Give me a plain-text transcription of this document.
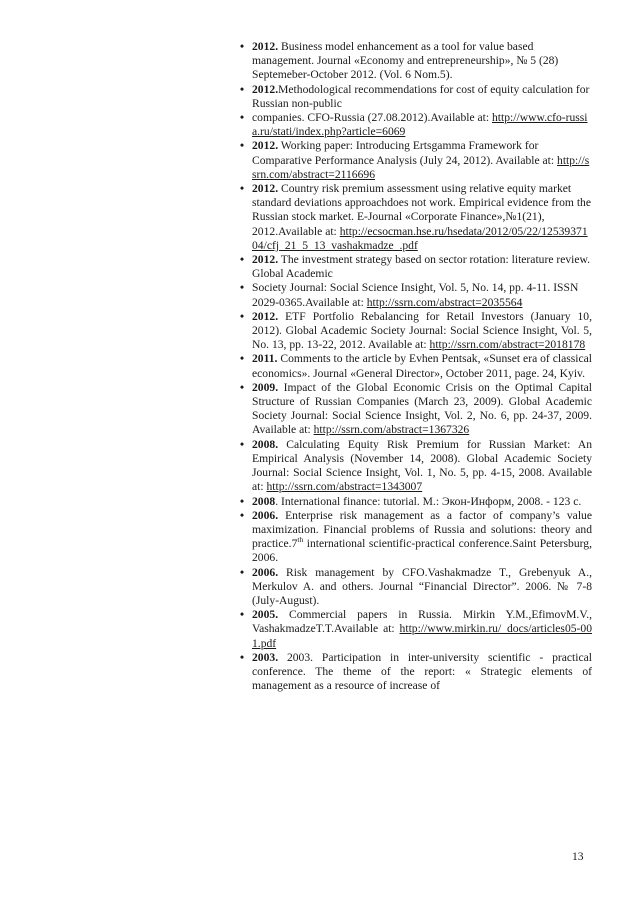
• 2012. Business model enhancement as a tool for value based management. Journal «Economy and entrepreneurship», № 5 (28) Septemeber-October 2012. (Vol. 6 Nom.5).
• 2012.Methodological recommendations for cost of equity calculation for Russian non-public
• companies. CFO-Russia (27.08.2012).Available at: http://www.cfo-russia.ru/stati/index.php?article=6069
• 2012. Working paper: Introducing Ertsgamma Framework for Comparative Performance Analysis (July 24, 2012). Available at: http://ssrn.com/abstract=2116696
• 2012. Country risk premium assessment using relative equity market standard deviations approachdoes not work. Empirical evidence from the Russian stock market. E-Journal «Corporate Finance»,№1(21), 2012.Available at: http://ecsocman.hse.ru/hsedata/2012/05/22/1253937104/cfj_21_5_13_vashakmadze_.pdf
• 2012. The investment strategy based on sector rotation: literature review. Global Academic
• Society Journal: Social Science Insight, Vol. 5, No. 14, pp. 4-11. ISSN 2029-0365.Available at: http://ssrn.com/abstract=2035564
• 2012. ETF Portfolio Rebalancing for Retail Investors (January 10, 2012). Global Academic Society Journal: Social Science Insight, Vol. 5, No. 13, pp. 13-22, 2012. Available at: http://ssrn.com/abstract=2018178
• 2011. Comments to the article by Evhen Pentsak, «Sunset era of classical economics». Journal «General Director», October 2011, page. 24, Kyiv.
• 2009. Impact of the Global Economic Crisis on the Optimal Capital Structure of Russian Companies (March 23, 2009). Global Academic Society Journal: Social Science Insight, Vol. 2, No. 6, pp. 24-37, 2009. Available at: http://ssrn.com/abstract=1367326
• 2008. Calculating Equity Risk Premium for Russian Market: An Empirical Analysis (November 14, 2008). Global Academic Society Journal: Social Science Insight, Vol. 1, No. 5, pp. 4-15, 2008. Available at: http://ssrn.com/abstract=1343007
• 2008. International finance: tutorial. M.: Экон-Информ, 2008. - 123 с.
• 2006. Enterprise risk management as a factor of company’s value maximization. Financial problems of Russia and solutions: theory and practice.7th international scientific-practical conference.Saint Petersburg, 2006.
• 2006. Risk management by CFO.Vashakmadze T., Grebenyuk A., Merkulov A. and others. Journal “Financial Director”. 2006. № 7-8 (July-August).
• 2005. Commercial papers in Russia. Mirkin Y.M.,EfimovM.V., VashakmadzeT.T.Available at: http://www.mirkin.ru/_docs/articles05-001.pdf
• 2003. 2003. Participation in inter-university scientific - practical conference. The theme of the report: « Strategic elements of management as a resource of increase of
13
